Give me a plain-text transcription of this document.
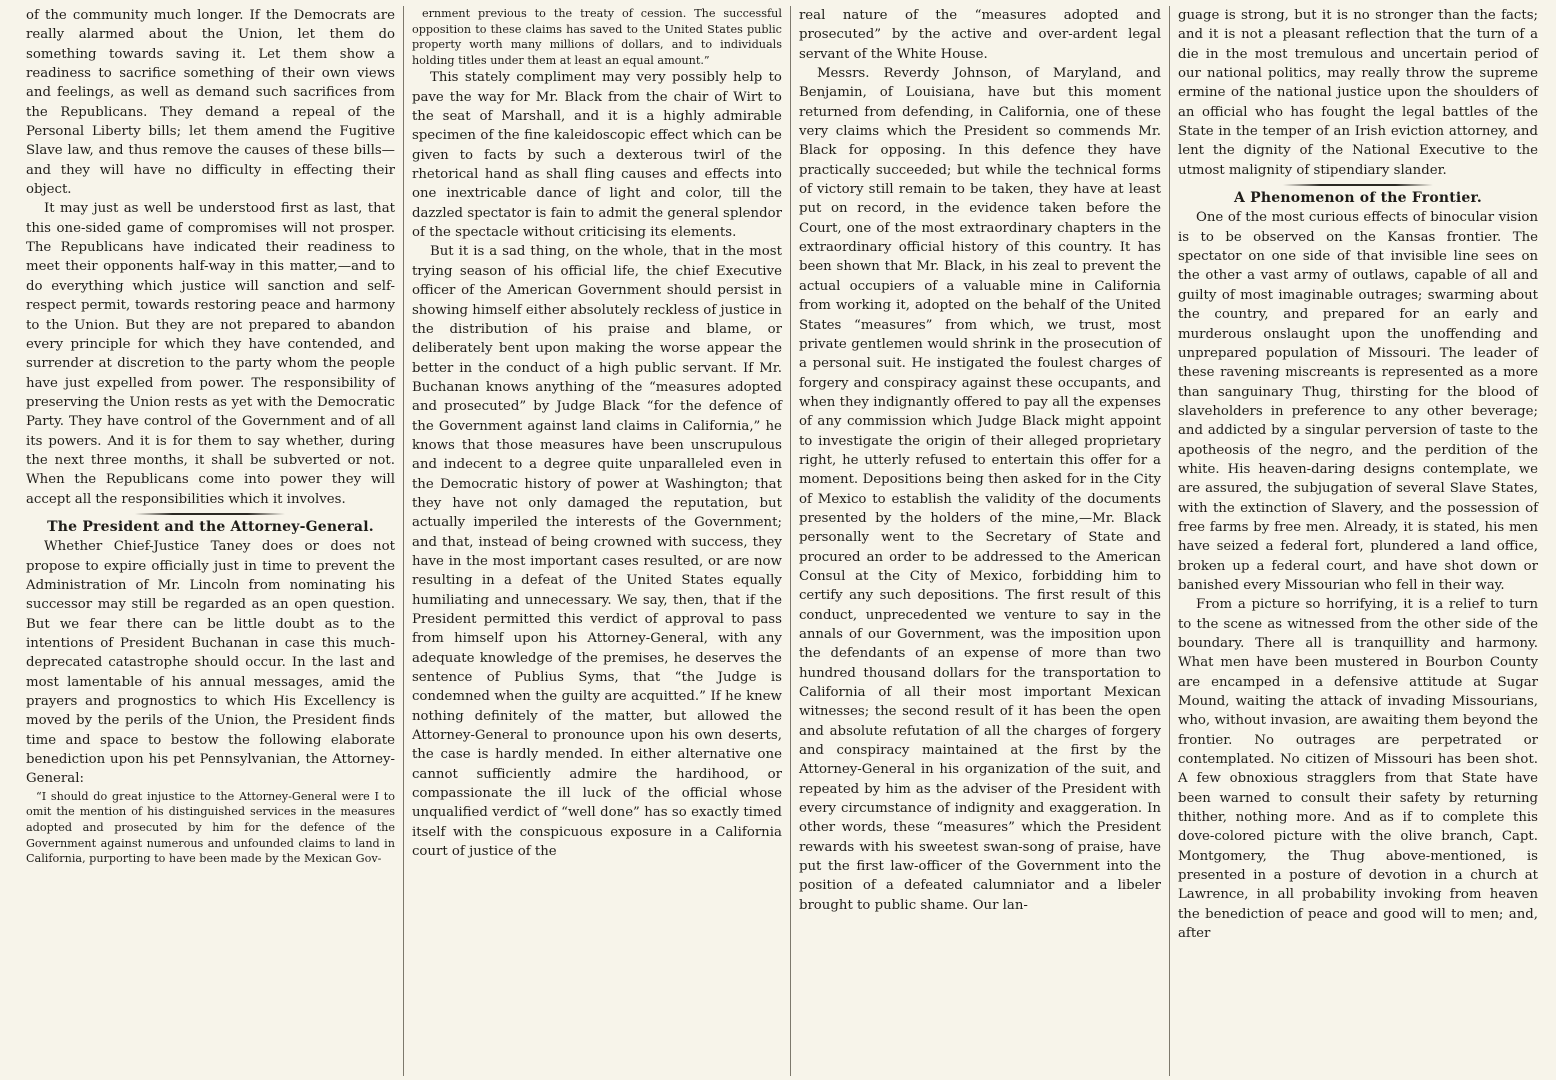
of the community much longer. If the Democrats are really alarmed about the Union, let them do something towards saving it. Let them show a readiness to sacrifice something of their own views and feelings, as well as demand such sacrifices from the Republicans. They demand a repeal of the Personal Liberty bills; let them amend the Fugitive Slave law, and thus remove the causes of these bills—and they will have no difficulty in effecting their object.

It may just as well be understood first as last, that this one-sided game of compromises will not prosper. The Republicans have indicated their readiness to meet their opponents half-way in this matter,—and to do everything which justice will sanction and self-respect permit, towards restoring peace and harmony to the Union. But they are not prepared to abandon every principle for which they have contended, and surrender at discretion to the party whom the people have just expelled from power. The responsibility of preserving the Union rests as yet with the Democratic Party. They have control of the Government and of all its powers. And it is for them to say whether, during the next three months, it shall be subverted or not. When the Republicans come into power they will accept all the responsibilities which it involves.

The President and the Attorney-General.

Whether Chief-Justice Taney does or does not propose to expire officially just in time to prevent the Administration of Mr. Lincoln from nominating his successor may still be regarded as an open question. But we fear there can be little doubt as to the intentions of President Buchanan in case this much-deprecated catastrophe should occur. In the last and most lamentable of his annual messages, amid the prayers and prognostics to which His Excellency is moved by the perils of the Union, the President finds time and space to bestow the following elaborate benediction upon his pet Pennsylvanian, the Attorney-General:

“I should do great injustice to the Attorney-General were I to omit the mention of his distinguished services in the measures adopted and prosecuted by him for the defence of the Government against numerous and unfounded claims to land in California, purporting to have been made by the Mexican Gov-

ernment previous to the treaty of cession. The successful opposition to these claims has saved to the United States public property worth many millions of dollars, and to individuals holding titles under them at least an equal amount.”

This stately compliment may very possibly help to pave the way for Mr. Black from the chair of Wirt to the seat of Marshall, and it is a highly admirable specimen of the fine kaleidoscopic effect which can be given to facts by such a dexterous twirl of the rhetorical hand as shall fling causes and effects into one inextricable dance of light and color, till the dazzled spectator is fain to admit the general splendor of the spectacle without criticising its elements.

But it is a sad thing, on the whole, that in the most trying season of his official life, the chief Executive officer of the American Government should persist in showing himself either absolutely reckless of justice in the distribution of his praise and blame, or deliberately bent upon making the worse appear the better in the conduct of a high public servant. If Mr. Buchanan knows anything of the “measures adopted and prosecuted” by Judge Black “for the defence of the Government against land claims in California,” he knows that those measures have been unscrupulous and indecent to a degree quite unparalleled even in the Democratic history of power at Washington; that they have not only damaged the reputation, but actually imperiled the interests of the Government; and that, instead of being crowned with success, they have in the most important cases resulted, or are now resulting in a defeat of the United States equally humiliating and unnecessary. We say, then, that if the President permitted this verdict of approval to pass from himself upon his Attorney-General, with any adequate knowledge of the premises, he deserves the sentence of Publius Syms, that “the Judge is condemned when the guilty are acquitted.” If he knew nothing definitely of the matter, but allowed the Attorney-General to pronounce upon his own deserts, the case is hardly mended. In either alternative one cannot sufficiently admire the hardihood, or compassionate the ill luck of the official whose unqualified verdict of “well done” has so exactly timed itself with the conspicuous exposure in a California court of justice of the

real nature of the “measures adopted and prosecuted” by the active and over-ardent legal servant of the White House.

Messrs. Reverdy Johnson, of Maryland, and Benjamin, of Louisiana, have but this moment returned from defending, in California, one of these very claims which the President so commends Mr. Black for opposing. In this defence they have practically succeeded; but while the technical forms of victory still remain to be taken, they have at least put on record, in the evidence taken before the Court, one of the most extraordinary chapters in the extraordinary official history of this country. It has been shown that Mr. Black, in his zeal to prevent the actual occupiers of a valuable mine in California from working it, adopted on the behalf of the United States “measures” from which, we trust, most private gentlemen would shrink in the prosecution of a personal suit. He instigated the foulest charges of forgery and conspiracy against these occupants, and when they indignantly offered to pay all the expenses of any commission which Judge Black might appoint to investigate the origin of their alleged proprietary right, he utterly refused to entertain this offer for a moment. Depositions being then asked for in the City of Mexico to establish the validity of the documents presented by the holders of the mine,—Mr. Black personally went to the Secretary of State and procured an order to be addressed to the American Consul at the City of Mexico, forbidding him to certify any such depositions. The first result of this conduct, unprecedented we venture to say in the annals of our Government, was the imposition upon the defendants of an expense of more than two hundred thousand dollars for the transportation to California of all their most important Mexican witnesses; the second result of it has been the open and absolute refutation of all the charges of forgery and conspiracy maintained at the first by the Attorney-General in his organization of the suit, and repeated by him as the adviser of the President with every circumstance of indignity and exaggeration. In other words, these “measures” which the President rewards with his sweetest swan-song of praise, have put the first law-officer of the Government into the position of a defeated calumniator and a libeler brought to public shame. Our lan-

guage is strong, but it is no stronger than the facts; and it is not a pleasant reflection that the turn of a die in the most tremulous and uncertain period of our national politics, may really throw the supreme ermine of the national justice upon the shoulders of an official who has fought the legal battles of the State in the temper of an Irish eviction attorney, and lent the dignity of the National Executive to the utmost malignity of stipendiary slander.

A Phenomenon of the Frontier.

One of the most curious effects of binocular vision is to be observed on the Kansas frontier. The spectator on one side of that invisible line sees on the other a vast army of outlaws, capable of all and guilty of most imaginable outrages; swarming about the country, and prepared for an early and murderous onslaught upon the unoffending and unprepared population of Missouri. The leader of these ravening miscreants is represented as a more than sanguinary Thug, thirsting for the blood of slaveholders in preference to any other beverage; and addicted by a singular perversion of taste to the apotheosis of the negro, and the perdition of the white. His heaven-daring designs contemplate, we are assured, the subjugation of several Slave States, with the extinction of Slavery, and the possession of free farms by free men. Already, it is stated, his men have seized a federal fort, plundered a land office, broken up a federal court, and have shot down or banished every Missourian who fell in their way.

From a picture so horrifying, it is a relief to turn to the scene as witnessed from the other side of the boundary. There all is tranquillity and harmony. What men have been mustered in Bourbon County are encamped in a defensive attitude at Sugar Mound, waiting the attack of invading Missourians, who, without invasion, are awaiting them beyond the frontier. No outrages are perpetrated or contemplated. No citizen of Missouri has been shot. A few obnoxious stragglers from that State have been warned to consult their safety by returning thither, nothing more. And as if to complete this dove-colored picture with the olive branch, Capt. Montgomery, the Thug above-mentioned, is presented in a posture of devotion in a church at Lawrence, in all probability invoking from heaven the benediction of peace and good will to men; and, after
